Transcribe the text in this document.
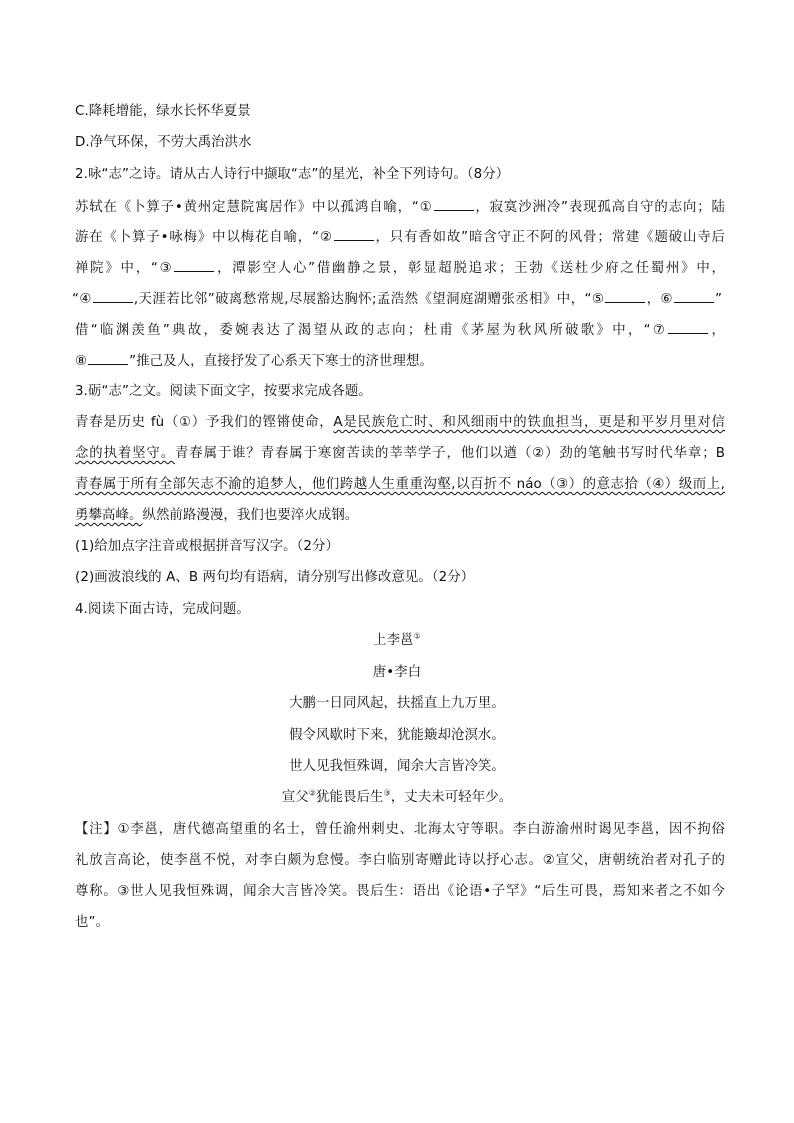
C.降耗增能，绿水长怀华夏景
D.净气环保，不劳大禹治洪水
2.咏“志”之诗。请从古人诗行中撷取“志”的星光，补全下列诗句。（8分）
苏轼在《卜算子•黄州定慧院寓居作》中以孤鸿自喻，“①	，寂寞沙洲冷”表现孤高自守的志向；陆
游在《卜算子•咏梅》中以梅花自喻，“②	，只有香如故”暗含守正不阿的风骨；常建《题破山寺后
禅院》中，“③	，潭影空人心”借幽静之景，彰显超脱追求；王勃《送杜少府之任蜀州》中，
“④	,天涯若比邻”破离愁常规,尽展豁达胸怀;孟浩然《望洞庭湖赠张丞相》中，“⑤	，⑥	”
借“临渊羡鱼”典故，委婉表达了渴望从政的志向；杜甫《茅屋为秋风所破歌》中，“⑦	，
⑧	”推己及人，直接抒发了心系天下寒士的济世理想。
3.砺“志”之文。阅读下面文字，按要求完成各题。
青春是历史 fù（①）予我们的铿锵使命，A是民族危亡时、和风细雨中的铁血担当，更是和平岁月里对信
念的执着坚守。青春属于谁？青春属于寒窗苦读的莘莘学子，他们以遒（②）劲的笔触书写时代华章；B
青春属于所有全部矢志不渝的追梦人，他们跨越人生重重沟壑,以百折不 náo（③）的意志拾（④）级而上,
勇攀高峰。纵然前路漫漫，我们也要淬火成钢。
(1)给加点字注音或根据拼音写汉字。（2分）
(2)画波浪线的 A、B 两句均有语病，请分别写出修改意见。（2分）
4.阅读下面古诗，完成问题。
上李邕①
唐•李白
大鹏一日同风起，扶摇直上九万里。
假令风歇时下来，犹能簸却沧溟水。
世人见我恒殊调，闻余大言皆冷笑。
宣父②犹能畏后生③，丈夫未可轻年少。
【注】①李邕，唐代德高望重的名士，曾任渝州刺史、北海太守等职。李白游渝州时谒见李邕，因不拘俗
礼放言高论，使李邕不悦，对李白颇为怠慢。李白临别寄赠此诗以抒心志。②宣父，唐朝统治者对孔子的
尊称。③世人见我恒殊调，闻余大言皆冷笑。畏后生：语出《论语•子罕》“后生可畏，焉知来者之不如今
也”。
